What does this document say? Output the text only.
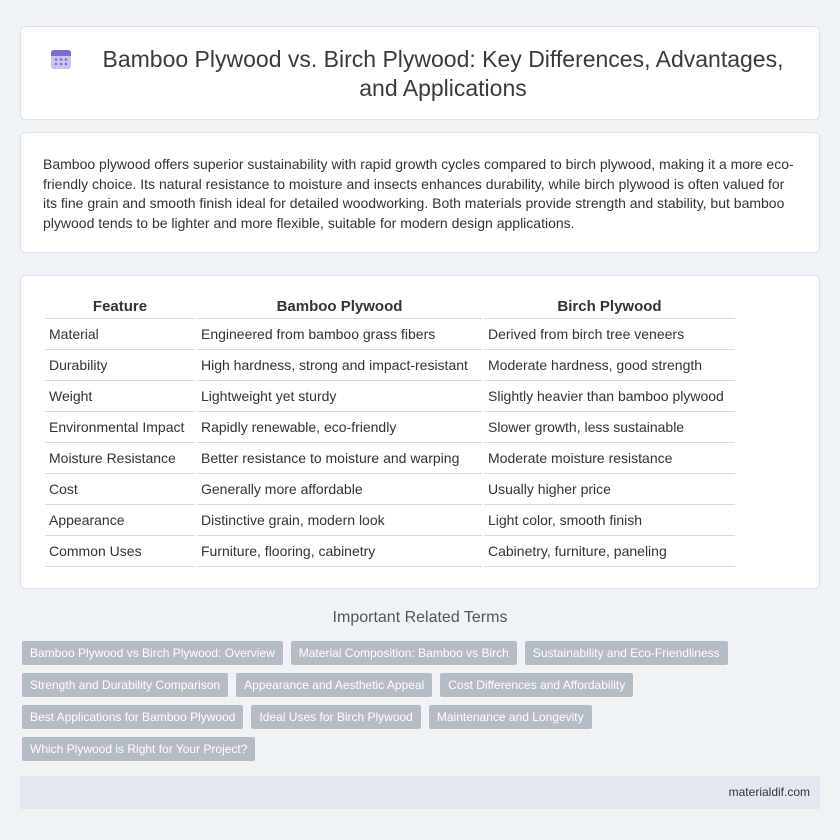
Bamboo Plywood vs. Birch Plywood: Key Differences, Advantages, and Applications

Bamboo plywood offers superior sustainability with rapid growth cycles compared to birch plywood, making it a more eco-friendly choice. Its natural resistance to moisture and insects enhances durability, while birch plywood is often valued for its fine grain and smooth finish ideal for detailed woodworking. Both materials provide strength and stability, but bamboo plywood tends to be lighter and more flexible, suitable for modern design applications.

Feature	Bamboo Plywood	Birch Plywood
Material	Engineered from bamboo grass fibers	Derived from birch tree veneers
Durability	High hardness, strong and impact-resistant	Moderate hardness, good strength
Weight	Lightweight yet sturdy	Slightly heavier than bamboo plywood
Environmental Impact	Rapidly renewable, eco-friendly	Slower growth, less sustainable
Moisture Resistance	Better resistance to moisture and warping	Moderate moisture resistance
Cost	Generally more affordable	Usually higher price
Appearance	Distinctive grain, modern look	Light color, smooth finish
Common Uses	Furniture, flooring, cabinetry	Cabinetry, furniture, paneling
Important Related Terms
Bamboo Plywood vs Birch Plywood: Overview	Material Composition: Bamboo vs Birch	Sustainability and Eco-Friendliness
Strength and Durability Comparison	Appearance and Aesthetic Appeal	Cost Differences and Affordability
Best Applications for Bamboo Plywood	Ideal Uses for Birch Plywood	Maintenance and Longevity
Which Plywood is Right for Your Project?
materialdif.com
